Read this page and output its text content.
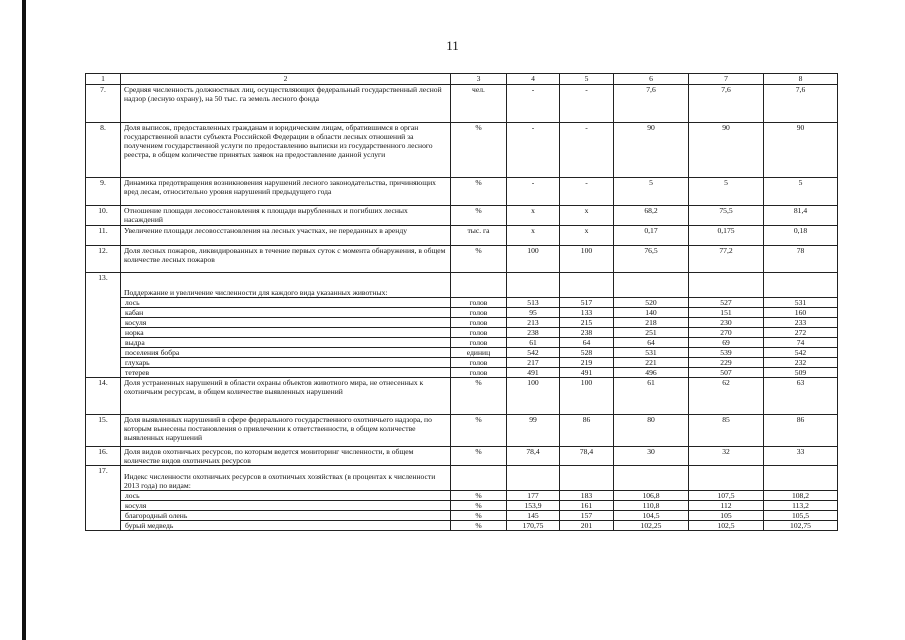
11
1	2	3	4	5	6	7	8
7.	Средняя численность должностных лиц, осуществляющих федеральный государственный лесной надзор (лесную охрану), на 50 тыс. га земель лесного фонда	чел.	-	-	7,6	7,6	7,6
8.	Доля выписок, предоставленных гражданам и юридическим лицам, обратившимся в орган государственной власти субъекта Российской Федерации в области лесных отношений за получением государственной услуги по предоставлению выписки из государственного лесного реестра, в общем количестве принятых заявок на предоставление данной услуги	%	-	-	90	90	90
9.	Динамика предотвращения возникновения нарушений лесного законодательства, причиняющих вред лесам, относительно уровня нарушений предыдущего года	%	-	-	5	5	5
10.	Отношение площади лесовосстановления к площади вырубленных и погибших лесных насаждений	%	x	x	68,2	75,5	81,4
11.	Увеличение площади лесовосстановления на лесных участках, не переданных в аренду	тыс. га	x	x	0,17	0,175	0,18
12.	Доля лесных пожаров, ликвидированных в течение первых суток с момента обнаружения, в общем количестве лесных пожаров	%	100	100	76,5	77,2	78
13.	Поддержание и увеличение численности для каждого вида указанных животных:						
	лось	голов	513	517	520	527	531
	кабан	голов	95	133	140	151	160
	косуля	голов	213	215	218	230	233
	норка	голов	238	238	251	270	272
	выдра	голов	61	64	64	69	74
	поселения бобра	единиц	542	528	531	539	542
	глухарь	голов	217	219	221	229	232
	тетерев	голов	491	491	496	507	509
14.	Доля устраненных нарушений в области охраны объектов животного мира, не отнесенных к охотничьим ресурсам, в общем количестве выявленных нарушений	%	100	100	61	62	63
15.	Доля выявленных нарушений в сфере федерального государственного охотничьего надзора, по которым вынесены постановления о привлечении к ответственности, в общем количестве выявленных нарушений	%	99	86	80	85	86
16.	Доля видов охотничьих ресурсов, по которым ведется мониторинг численности, в общем количестве видов охотничьих ресурсов	%	78,4	78,4	30	32	33
17.	Индекс численности охотничьих ресурсов в охотничьих хозяйствах (в процентах к численности 2013 года) по видам:						
	лось	%	177	183	106,8	107,5	108,2
	косуля	%	153,9	161	110,8	112	113,2
	благородный олень	%	145	157	104,5	105	105,5
	бурый медведь	%	170,75	201	102,25	102,5	102,75
